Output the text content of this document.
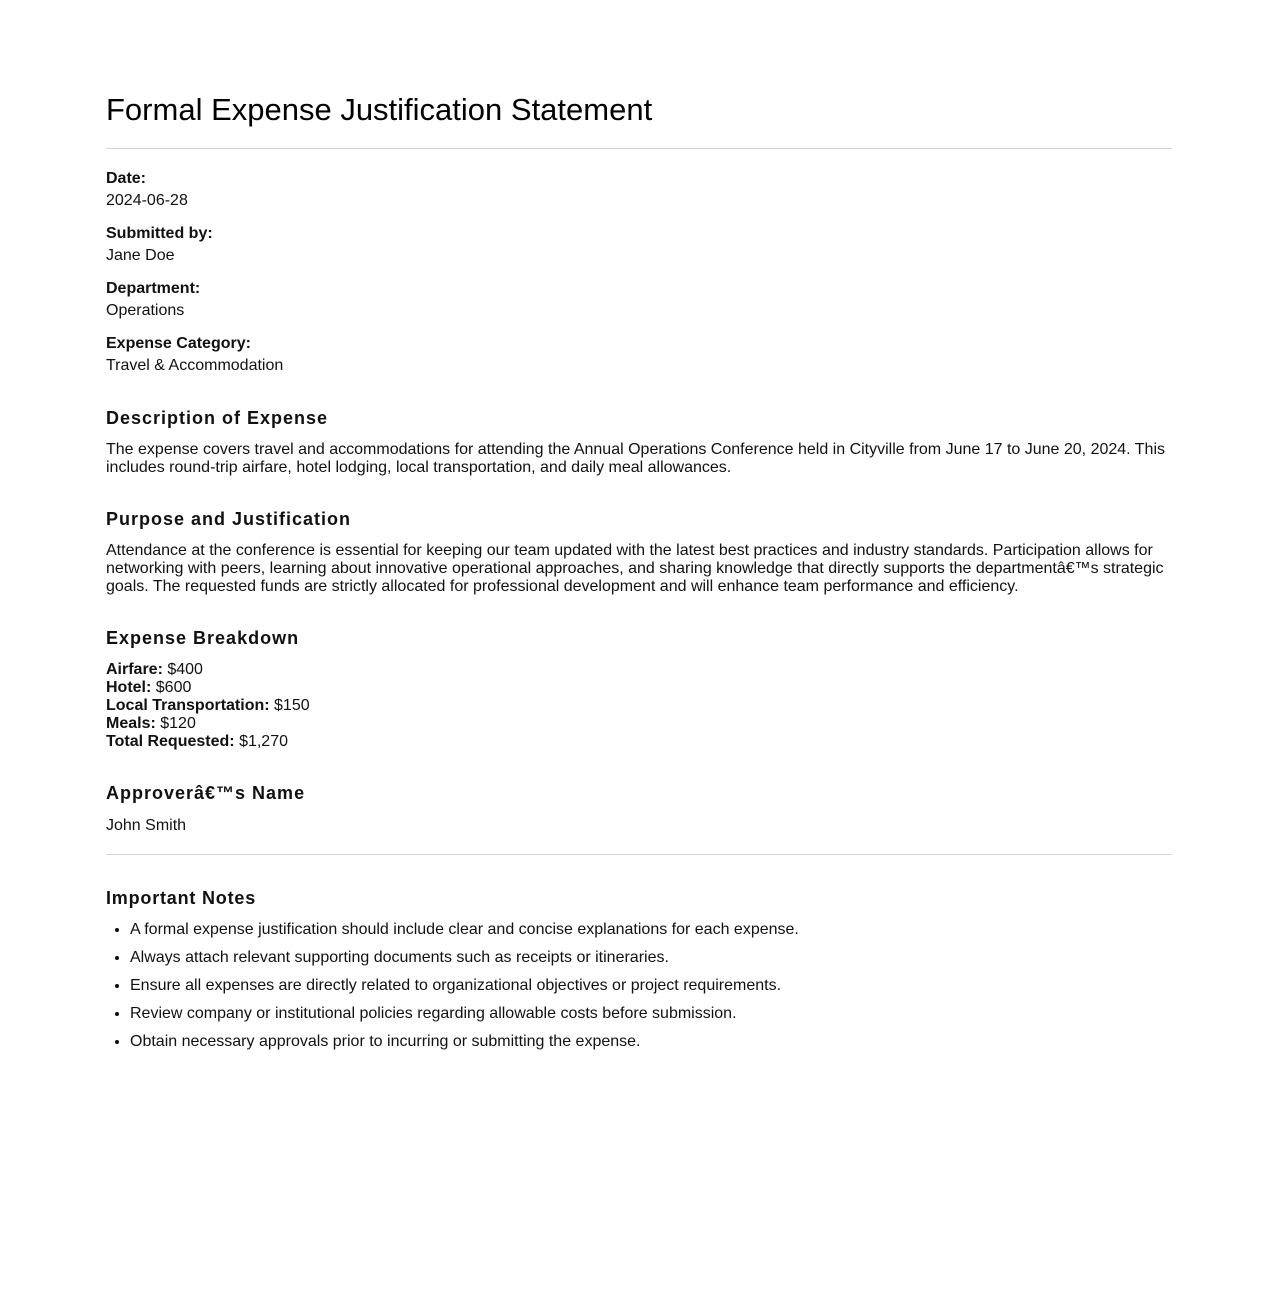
Formal Expense Justification Statement
Date:
2024-06-28
Submitted by:
Jane Doe
Department:
Operations
Expense Category:
Travel & Accommodation
Description of Expense

The expense covers travel and accommodations for attending the Annual Operations Conference held in Cityville from June 17 to June 20, 2024. This includes round-trip airfare, hotel lodging, local transportation, and daily meal allowances.

Purpose and Justification

Attendance at the conference is essential for keeping our team updated with the latest best practices and industry standards. Participation allows for networking with peers, learning about innovative operational approaches, and sharing knowledge that directly supports the departmentâ€™s strategic goals. The requested funds are strictly allocated for professional development and will enhance team performance and efficiency.

Expense Breakdown
Airfare: $400
Hotel: $600
Local Transportation: $150
Meals: $120
Total Requested: $1,270
Approverâ€™s Name
John Smith
Important Notes
• A formal expense justification should include clear and concise explanations for each expense.
• Always attach relevant supporting documents such as receipts or itineraries.
• Ensure all expenses are directly related to organizational objectives or project requirements.
• Review company or institutional policies regarding allowable costs before submission.
• Obtain necessary approvals prior to incurring or submitting the expense.
